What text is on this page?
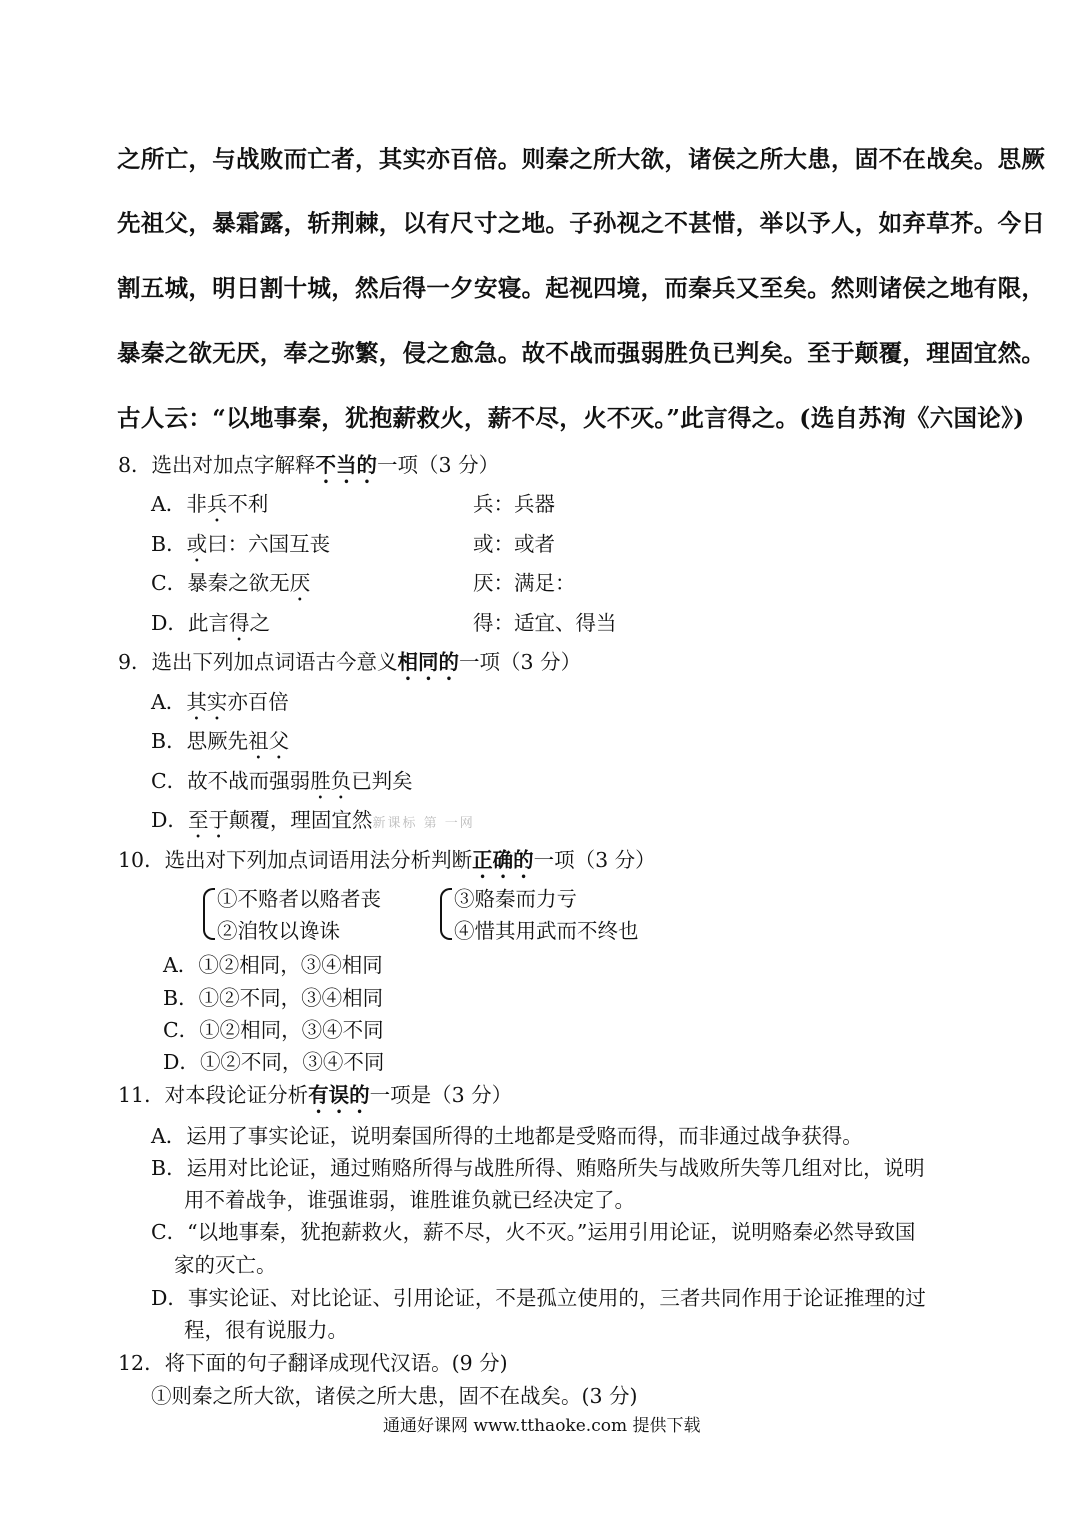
之所亡，与战败而亡者，其实亦百倍。则秦之所大欲，诸侯之所大患，固不在战矣。思厥
先祖父，暴霜露，斩荆棘，以有尺寸之地。子孙视之不甚惜，举以予人，如弃草芥。今日
割五城，明日割十城，然后得一夕安寝。起视四境，而秦兵又至矣。然则诸侯之地有限，
暴秦之欲无厌，奉之弥繁，侵之愈急。故不战而强弱胜负已判矣。至于颠覆，理固宜然。
古人云：“以地事秦，犹抱薪救火，薪不尽，火不灭。”此言得之。(选自苏洵《六国论》)
8．选出对加点字解释不当的一项（3 分）
A．非兵不利	兵：兵器
B．或曰：六国互丧	或：或者
C．暴秦之欲无厌	厌：满足：
D．此言得之	得：适宜、得当
9．选出下列加点词语古今意义相同的一项（3 分）
A．其实亦百倍
B．思厥先祖父
C．故不战而强弱胜负已判矣
D．至于颠覆，理固宜然新课标 第 一网
10．选出对下列加点词语用法分析判断正确的一项（3 分）
①不赂者以赂者丧
②洎牧以谗诛
③赂秦而力亏
④惜其用武而不终也
A．①②相同，③④相同
B．①②不同，③④相同
C．①②相同，③④不同
D．①②不同，③④不同
11．对本段论证分析有误的一项是（3 分）
A．运用了事实论证，说明秦国所得的土地都是受赂而得，而非通过战争获得。
B．运用对比论证，通过贿赂所得与战胜所得、贿赂所失与战败所失等几组对比，说明
用不着战争，谁强谁弱，谁胜谁负就已经决定了。
C．“以地事秦，犹抱薪救火，薪不尽，火不灭。”运用引用论证，说明赂秦必然导致国
家的灭亡。
D．事实论证、对比论证、引用论证，不是孤立使用的，三者共同作用于论证推理的过
程，很有说服力。
12．将下面的句子翻译成现代汉语。(9 分)
①则秦之所大欲，诸侯之所大患，固不在战矣。(3 分)
通通好课网 www.tthaoke.com 提供下载
